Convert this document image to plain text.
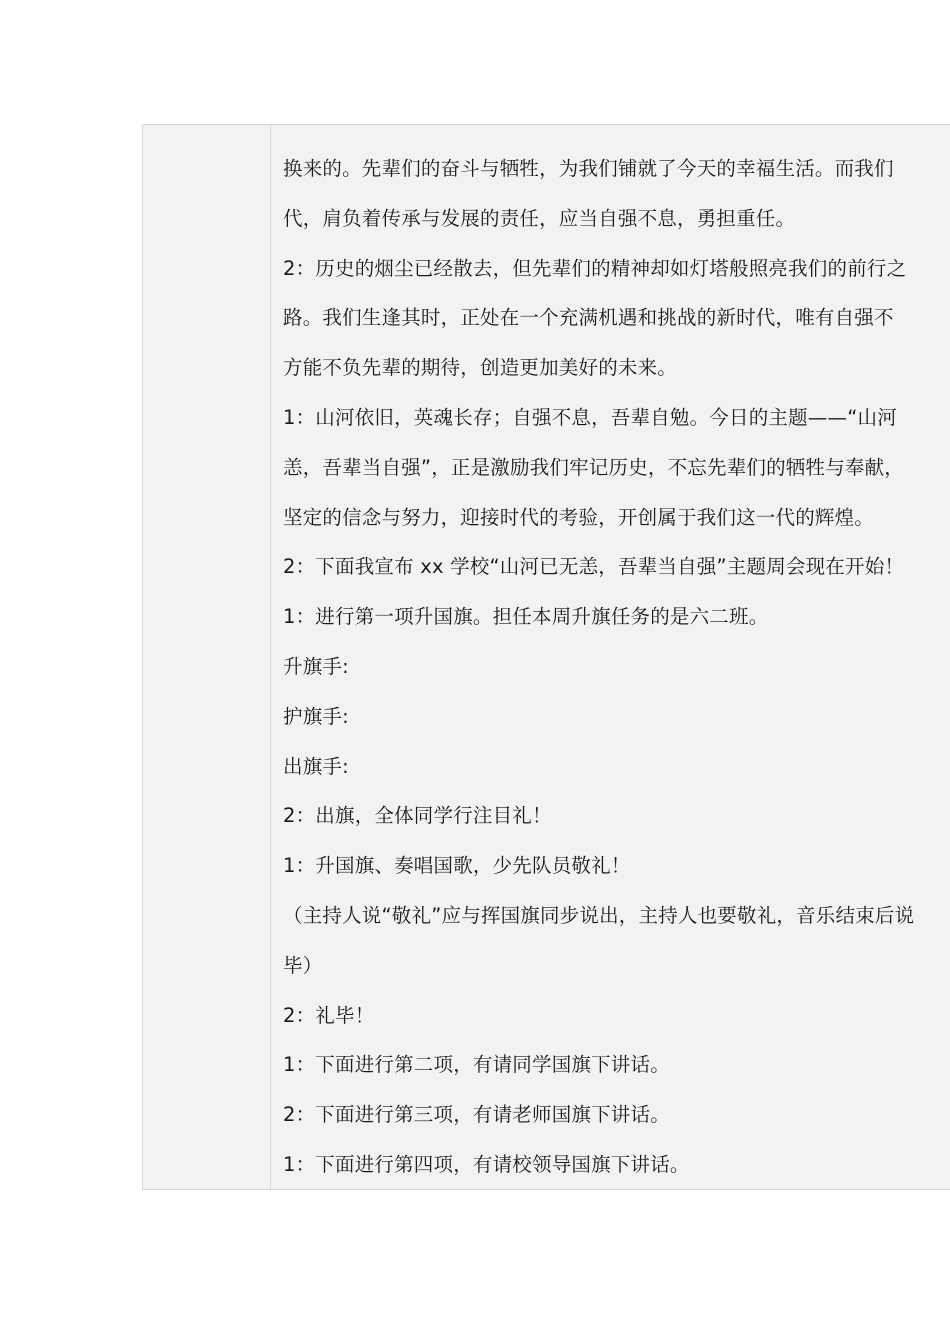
换来的。先辈们的奋斗与牺牲，为我们铺就了今天的幸福生活。而我们
代，肩负着传承与发展的责任，应当自强不息，勇担重任。
2：历史的烟尘已经散去，但先辈们的精神却如灯塔般照亮我们的前行之
路。我们生逢其时，正处在一个充满机遇和挑战的新时代，唯有自强不
方能不负先辈的期待，创造更加美好的未来。
1：山河依旧，英魂长存；自强不息，吾辈自勉。今日的主题——“山河
恙，吾辈当自强”，正是激励我们牢记历史，不忘先辈们的牺牲与奉献，
坚定的信念与努力，迎接时代的考验，开创属于我们这一代的辉煌。
2：下面我宣布 xx 学校“山河已无恙，吾辈当自强”主题周会现在开始！
1：进行第一项升国旗。担任本周升旗任务的是六二班。
升旗手:
护旗手:
出旗手:
2：出旗，全体同学行注目礼！
1：升国旗、奏唱国歌，少先队员敬礼！
（主持人说“敬礼”应与挥国旗同步说出，主持人也要敬礼，音乐结束后说
毕）
2：礼毕！
1：下面进行第二项，有请同学国旗下讲话。
2：下面进行第三项，有请老师国旗下讲话。
1：下面进行第四项，有请校领导国旗下讲话。
